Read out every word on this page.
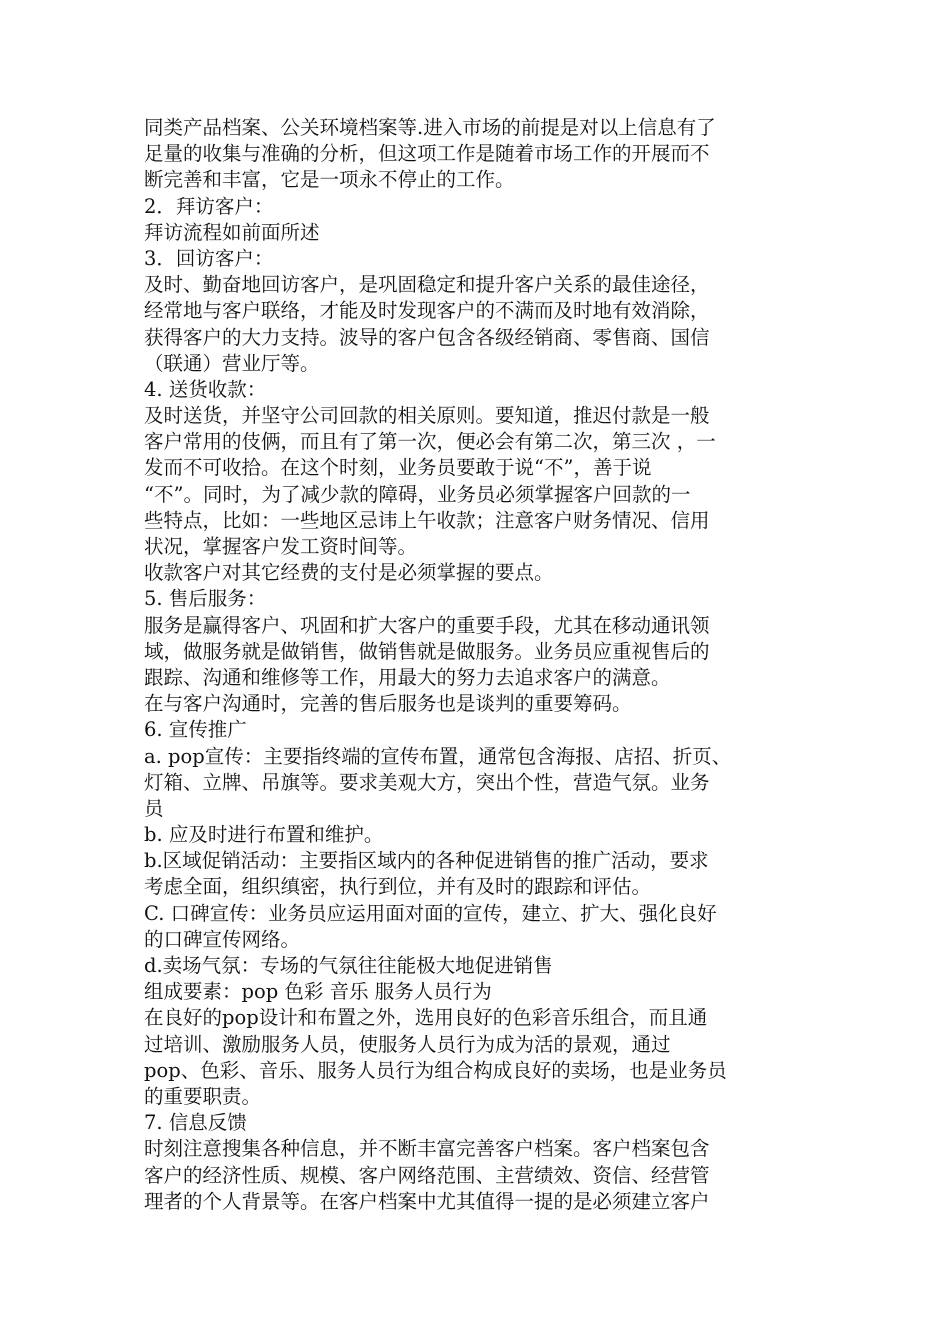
同类产品档案、公关环境档案等.进入市场的前提是对以上信息有了
足量的收集与准确的分析，但这项工作是随着市场工作的开展而不
断完善和丰富，它是一项永不停止的工作。
2．拜访客户：
拜访流程如前面所述
3．回访客户：
及时、勤奋地回访客户，是巩固稳定和提升客户关系的最佳途径，
经常地与客户联络，才能及时发现客户的不满而及时地有效消除，
获得客户的大力支持。波导的客户包含各级经销商、零售商、国信
（联通）营业厅等。
4. 送货收款：
及时送货，并坚守公司回款的相关原则。要知道，推迟付款是一般
客户常用的伎俩，而且有了第一次，便必会有第二次，第三次 ，一
发而不可收拾。在这个时刻，业务员要敢于说“不”，善于说
“不”。同时，为了减少款的障碍，业务员必须掌握客户回款的一
些特点，比如：一些地区忌讳上午收款；注意客户财务情况、信用
状况，掌握客户发工资时间等。
收款客户对其它经费的支付是必须掌握的要点。
5. 售后服务：
服务是赢得客户、巩固和扩大客户的重要手段，尤其在移动通讯领
域，做服务就是做销售，做销售就是做服务。业务员应重视售后的
跟踪、沟通和维修等工作，用最大的努力去追求客户的满意。
在与客户沟通时，完善的售后服务也是谈判的重要筹码。
6. 宣传推广
a. pop宣传：主要指终端的宣传布置，通常包含海报、店招、折页、
灯箱、立牌、吊旗等。要求美观大方，突出个性，营造气氛。业务
员
b. 应及时进行布置和维护。
b.区域促销活动：主要指区域内的各种促进销售的推广活动，要求
考虑全面，组织缜密，执行到位，并有及时的跟踪和评估。
C. 口碑宣传：业务员应运用面对面的宣传，建立、扩大、强化良好
的口碑宣传网络。
d.卖场气氛：专场的气氛往往能极大地促进销售
组成要素：pop 色彩 音乐 服务人员行为
在良好的pop设计和布置之外，选用良好的色彩音乐组合，而且通
过培训、激励服务人员，使服务人员行为成为活的景观，通过
pop、色彩、音乐、服务人员行为组合构成良好的卖场，也是业务员
的重要职责。
7. 信息反馈
时刻注意搜集各种信息，并不断丰富完善客户档案。客户档案包含
客户的经济性质、规模、客户网络范围、主营绩效、资信、经营管
理者的个人背景等。在客户档案中尤其值得一提的是必须建立客户
